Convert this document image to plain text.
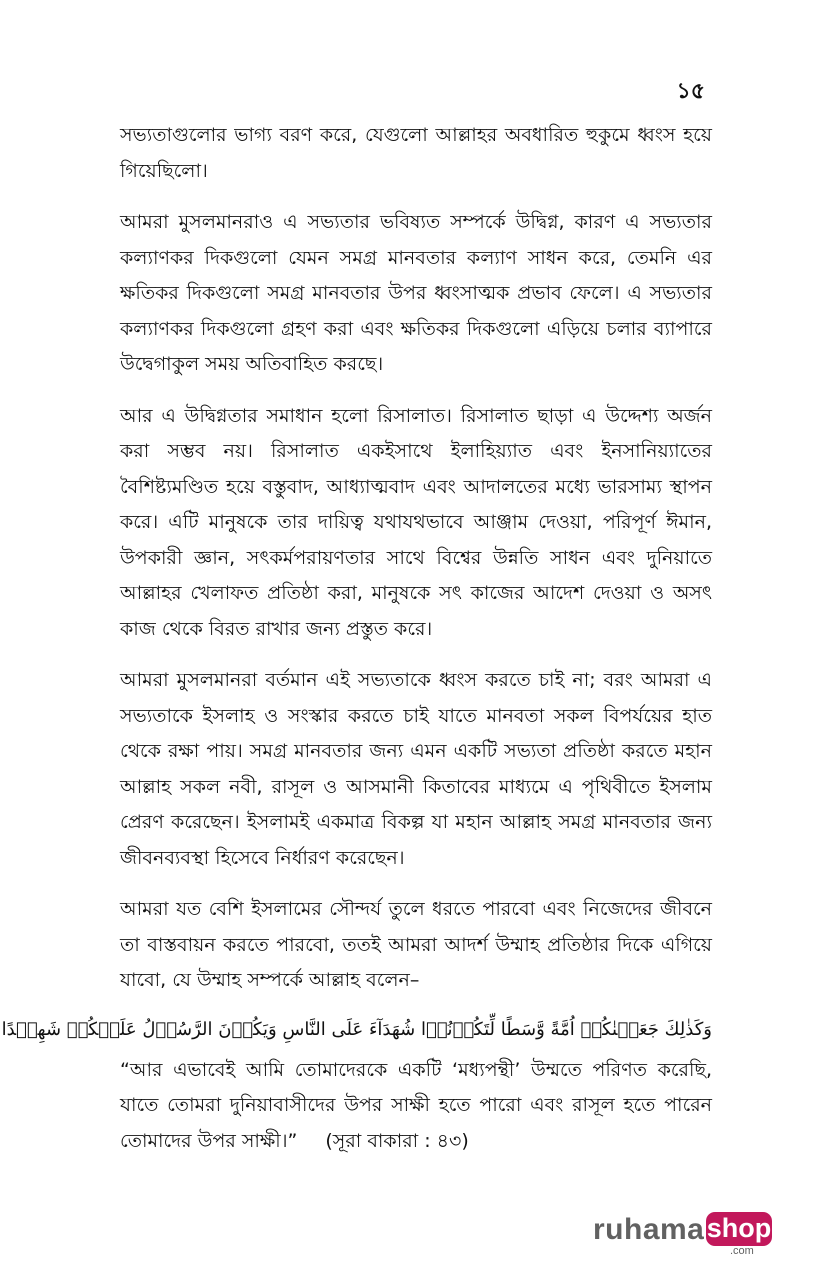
১৫

সভ্যতাগুলোর ভাগ্য বরণ করে, যেগুলো আল্লাহর অবধারিত হুকুমে ধ্বংস হয়ে গিয়েছিলো।

আমরা মুসলমানরাও এ সভ্যতার ভবিষ্যত সম্পর্কে উদ্বিগ্ন, কারণ এ সভ্যতার কল্যাণকর দিকগুলো যেমন সমগ্র মানবতার কল্যাণ সাধন করে, তেমনি এর ক্ষতিকর দিকগুলো সমগ্র মানবতার উপর ধ্বংসাত্মক প্রভাব ফেলে। এ সভ্যতার কল্যাণকর দিকগুলো গ্রহণ করা এবং ক্ষতিকর দিকগুলো এড়িয়ে চলার ব্যাপারে উদ্বেগাকুল সময় অতিবাহিত করছে।

আর এ উদ্বিগ্নতার সমাধান হলো রিসালাত। রিসালাত ছাড়া এ উদ্দেশ্য অর্জন করা সম্ভব নয়। রিসালাত একইসাথে ইলাহিয়্যাত এবং ইনসানিয়্যাতের বৈশিষ্ট্যমণ্ডিত হয়ে বস্তুবাদ, আধ্যাত্মবাদ এবং আদালতের মধ্যে ভারসাম্য স্থাপন করে। এটি মানুষকে তার দায়িত্ব যথাযথভাবে আঞ্জাম দেওয়া, পরিপূর্ণ ঈমান, উপকারী জ্ঞান, সৎকর্মপরায়ণতার সাথে বিশ্বের উন্নতি সাধন এবং দুনিয়াতে আল্লাহর খেলাফত প্রতিষ্ঠা করা, মানুষকে সৎ কাজের আদেশ দেওয়া ও অসৎ কাজ থেকে বিরত রাখার জন্য প্রস্তুত করে।

আমরা মুসলমানরা বর্তমান এই সভ্যতাকে ধ্বংস করতে চাই না; বরং আমরা এ সভ্যতাকে ইসলাহ ও সংস্কার করতে চাই যাতে মানবতা সকল বিপর্যয়ের হাত থেকে রক্ষা পায়। সমগ্র মানবতার জন্য এমন একটি সভ্যতা প্রতিষ্ঠা করতে মহান আল্লাহ সকল নবী, রাসূল ও আসমানী কিতাবের মাধ্যমে এ পৃথিবীতে ইসলাম প্রেরণ করেছেন। ইসলামই একমাত্র বিকল্প যা মহান আল্লাহ সমগ্র মানবতার জন্য জীবনব্যবস্থা হিসেবে নির্ধারণ করেছেন।

আমরা যত বেশি ইসলামের সৌন্দর্য তুলে ধরতে পারবো এবং নিজেদের জীবনে তা বাস্তবায়ন করতে পারবো, ততই আমরা আদর্শ উম্মাহ প্রতিষ্ঠার দিকে এগিয়ে যাবো, যে উম্মাহ সম্পর্কে আল্লাহ বলেন–

وَكَذٰلِكَ جَعَلۡنٰكُمۡ اُمَّةً وَّسَطًا لِّتَكُوۡنُوۡا شُهَدَآءَ عَلَى النَّاسِ وَيَكُوۡنَ الرَّسُوۡلُ عَلَيۡكُمۡ شَهِيۡدًا

“আর এভাবেই আমি তোমাদেরকে একটি ‘মধ্যপন্থী’ উম্মতে পরিণত করেছি, যাতে তোমরা দুনিয়াবাসীদের উপর সাক্ষী হতে পারো এবং রাসূল হতে পারেন তোমাদের উপর সাক্ষী।” (সূরা বাকারা : ৪৩)

ruhama shop
.com
